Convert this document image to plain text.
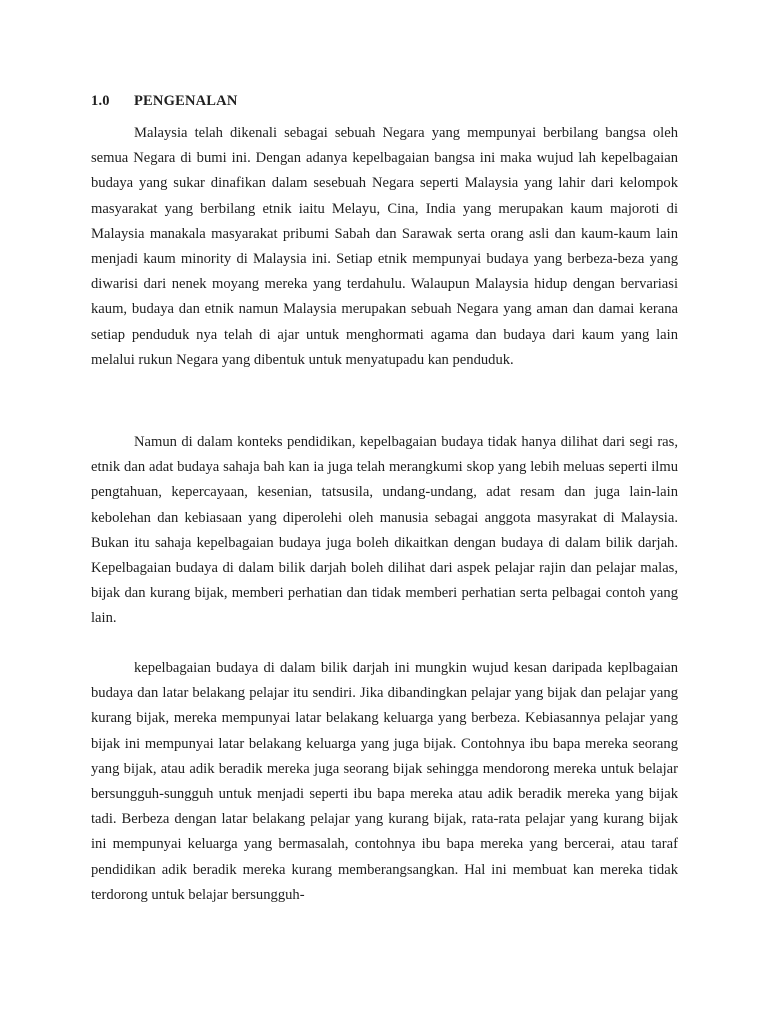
1.0 PENGENALAN

Malaysia telah dikenali sebagai sebuah Negara yang mempunyai berbilang bangsa oleh semua Negara di bumi ini. Dengan adanya kepelbagaian bangsa ini maka wujud lah kepelbagaian budaya yang sukar dinafikan dalam sesebuah Negara seperti Malaysia yang lahir dari kelompok masyarakat yang berbilang etnik iaitu Melayu, Cina, India yang merupakan kaum majoroti di Malaysia manakala masyarakat pribumi Sabah dan Sarawak serta orang asli dan kaum-kaum lain menjadi kaum minority di Malaysia ini. Setiap etnik mempunyai budaya yang berbeza-beza yang diwarisi dari nenek moyang mereka yang terdahulu. Walaupun Malaysia hidup dengan bervariasi kaum, budaya dan etnik namun Malaysia merupakan sebuah Negara yang aman dan damai kerana setiap penduduk nya telah di ajar untuk menghormati agama dan budaya dari kaum yang lain melalui rukun Negara yang dibentuk untuk menyatupadu kan penduduk.

Namun di dalam konteks pendidikan, kepelbagaian budaya tidak hanya dilihat dari segi ras, etnik dan adat budaya sahaja bah kan ia juga telah merangkumi skop yang lebih meluas seperti ilmu pengtahuan, kepercayaan, kesenian, tatsusila, undang-undang, adat resam dan juga lain-lain kebolehan dan kebiasaan yang diperolehi oleh manusia sebagai anggota masyrakat di Malaysia. Bukan itu sahaja kepelbagaian budaya juga boleh dikaitkan dengan budaya di dalam bilik darjah. Kepelbagaian budaya di dalam bilik darjah boleh dilihat dari aspek pelajar rajin dan pelajar malas, bijak dan kurang bijak, memberi perhatian dan tidak memberi perhatian serta pelbagai contoh yang lain.

kepelbagaian budaya di dalam bilik darjah ini mungkin wujud kesan daripada keplbagaian budaya dan latar belakang pelajar itu sendiri. Jika dibandingkan pelajar yang bijak dan pelajar yang kurang bijak, mereka mempunyai latar belakang keluarga yang berbeza. Kebiasannya pelajar yang bijak ini mempunyai latar belakang keluarga yang juga bijak. Contohnya ibu bapa mereka seorang yang bijak, atau adik beradik mereka juga seorang bijak sehingga mendorong mereka untuk belajar bersungguh-sungguh untuk menjadi seperti ibu bapa mereka atau adik beradik mereka yang bijak tadi. Berbeza dengan latar belakang pelajar yang kurang bijak, rata-rata pelajar yang kurang bijak ini mempunyai keluarga yang bermasalah, contohnya ibu bapa mereka yang bercerai, atau taraf pendidikan adik beradik mereka kurang memberangsangkan. Hal ini membuat kan mereka tidak terdorong untuk belajar bersungguh-
